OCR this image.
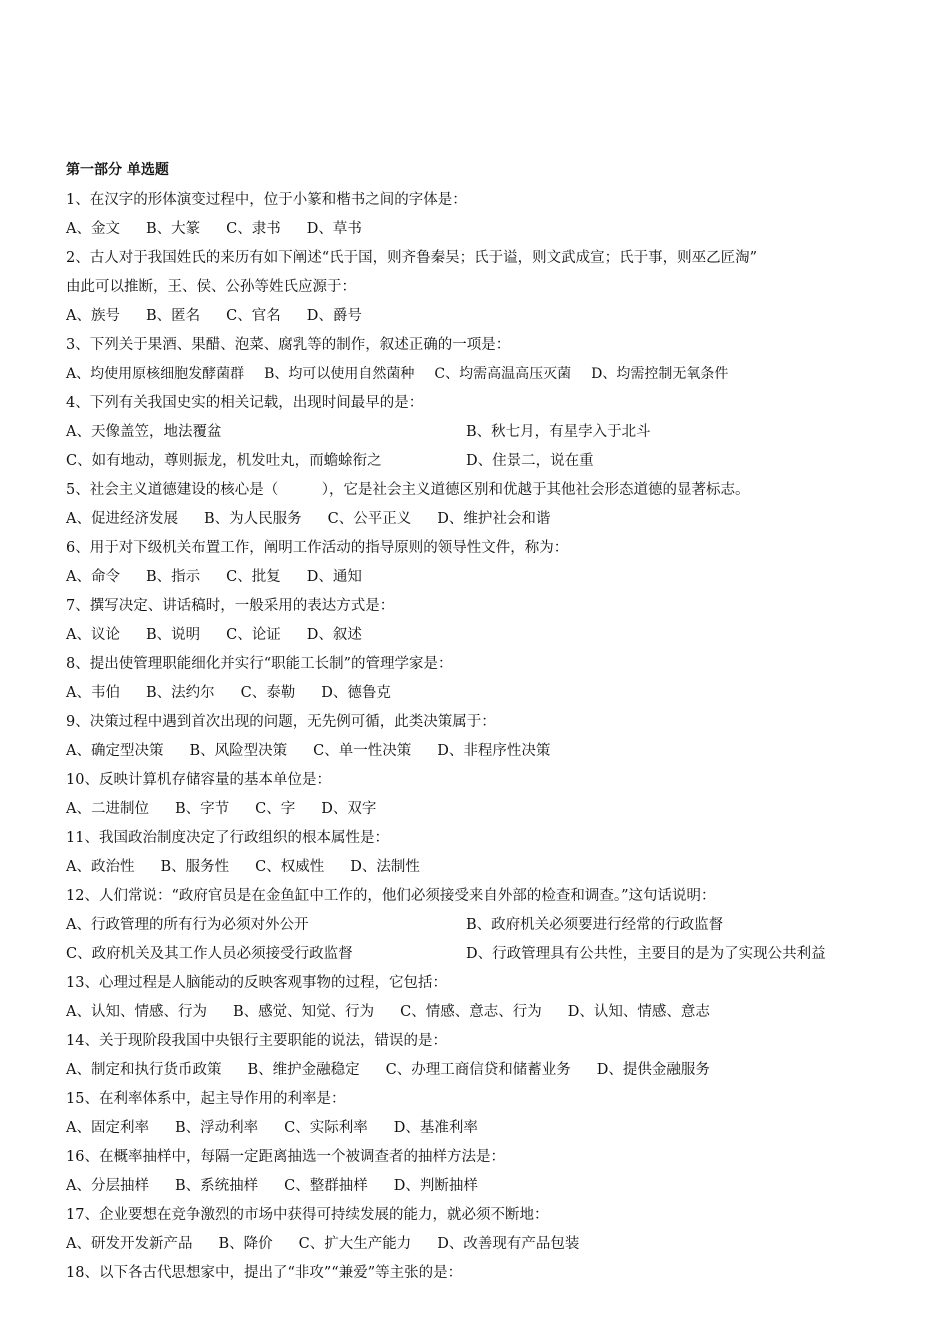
第一部分 单选题
1、在汉字的形体演变过程中，位于小篆和楷书之间的字体是：
A、金文 B、大篆 C、隶书 D、草书
2、古人对于我国姓氏的来历有如下阐述“氏于国，则齐鲁秦吴；氏于谥，则文武成宣；氏于事，则巫乙匠淘”
由此可以推断，王、侯、公孙等姓氏应源于：
A、族号 B、匿名 C、官名 D、爵号
3、下列关于果酒、果醋、泡菜、腐乳等的制作，叙述正确的一项是：
A、均使用原核细胞发酵菌群 B、均可以使用自然菌种 C、均需高温高压灭菌 D、均需控制无氧条件
4、下列有关我国史实的相关记载，出现时间最早的是：
A、天像盖笠，地法覆盆	B、秋七月，有星孛入于北斗
C、如有地动，尊则振龙，机发吐丸，而蟾蜍衔之	D、住景二，说在重
5、社会主义道德建设的核心是（　　　），它是社会主义道德区别和优越于其他社会形态道德的显著标志。
A、促进经济发展 B、为人民服务 C、公平正义 D、维护社会和谐
6、用于对下级机关布置工作，阐明工作活动的指导原则的领导性文件，称为：
A、命令 B、指示 C、批复 D、通知
7、撰写决定、讲话稿时，一般采用的表达方式是：
A、议论 B、说明 C、论证 D、叙述
8、提出使管理职能细化并实行“职能工长制”的管理学家是：
A、韦伯 B、法约尔 C、泰勒 D、德鲁克
9、决策过程中遇到首次出现的问题，无先例可循，此类决策属于：
A、确定型决策 B、风险型决策 C、单一性决策 D、非程序性决策
10、反映计算机存储容量的基本单位是：
A、二进制位 B、字节 C、字 D、双字
11、我国政治制度决定了行政组织的根本属性是：
A、政治性 B、服务性 C、权威性 D、法制性
12、人们常说：“政府官员是在金鱼缸中工作的，他们必须接受来自外部的检查和调查。”这句话说明：
A、行政管理的所有行为必须对外公开	B、政府机关必须要进行经常的行政监督
C、政府机关及其工作人员必须接受行政监督	D、行政管理具有公共性，主要目的是为了实现公共利益
13、心理过程是人脑能动的反映客观事物的过程，它包括：
A、认知、情感、行为 B、感觉、知觉、行为 C、情感、意志、行为 D、认知、情感、意志
14、关于现阶段我国中央银行主要职能的说法，错误的是：
A、制定和执行货币政策 B、维护金融稳定 C、办理工商信贷和储蓄业务 D、提供金融服务
15、在利率体系中，起主导作用的利率是：
A、固定利率 B、浮动利率 C、实际利率 D、基准利率
16、在概率抽样中，每隔一定距离抽选一个被调查者的抽样方法是：
A、分层抽样 B、系统抽样 C、整群抽样 D、判断抽样
17、企业要想在竞争激烈的市场中获得可持续发展的能力，就必须不断地：
A、研发开发新产品 B、降价 C、扩大生产能力 D、改善现有产品包装
18、以下各古代思想家中，提出了“非攻”“兼爱”等主张的是：
